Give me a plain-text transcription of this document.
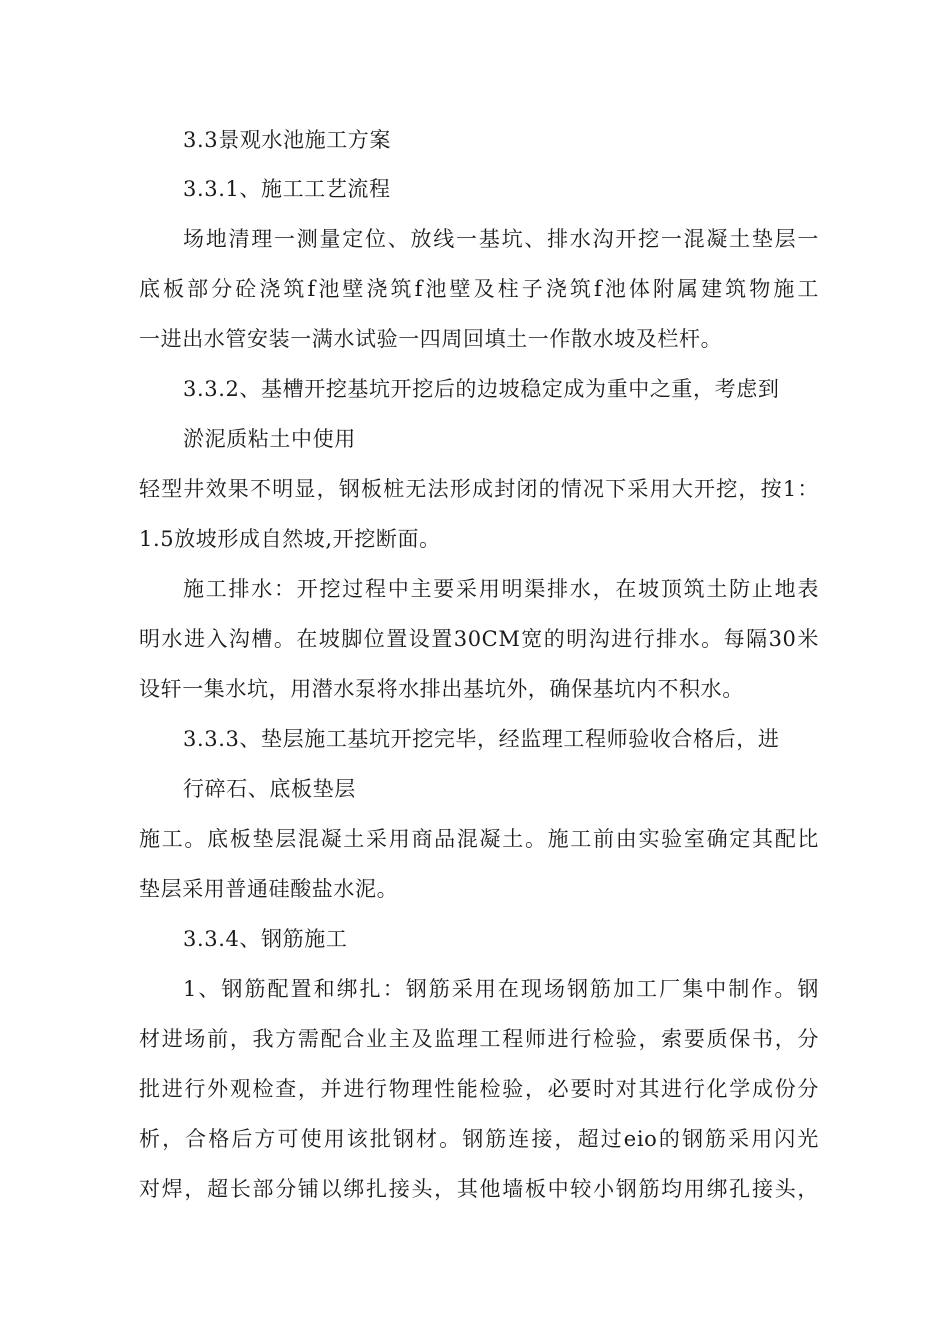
3.3景观水池施工方案
3.3.1、施工工艺流程
场地清理一测量定位、放线一基坑、排水沟开挖一混凝土垫层一
底板部分砼浇筑f池壁浇筑f池壁及柱子浇筑f池体附属建筑物施工
一进出水管安装一满水试验一四周回填土一作散水坡及栏杆。
3.3.2、基槽开挖基坑开挖后的边坡稳定成为重中之重，考虑到
淤泥质粘土中使用
轻型井效果不明显，钢板桩无法形成封闭的情况下采用大开挖，按1：
1.5放坡形成自然坡,开挖断面。
施工排水：开挖过程中主要采用明渠排水，在坡顶筑土防止地表
明水进入沟槽。在坡脚位置设置30CM宽的明沟进行排水。每隔30米
设轩一集水坑，用潜水泵将水排出基坑外，确保基坑内不积水。
3.3.3、垫层施工基坑开挖完毕，经监理工程师验收合格后，进
行碎石、底板垫层
施工。底板垫层混凝土采用商品混凝土。施工前由实验室确定其配比
垫层采用普通硅酸盐水泥。
3.3.4、钢筋施工
1、钢筋配置和绑扎：钢筋采用在现场钢筋加工厂集中制作。钢
材进场前，我方需配合业主及监理工程师进行检验，索要质保书，分
批进行外观检查，并进行物理性能检验，必要时对其进行化学成份分
析，合格后方可使用该批钢材。钢筋连接，超过eio的钢筋采用闪光
对焊，超长部分铺以绑扎接头，其他墙板中较小钢筋均用绑孔接头，
